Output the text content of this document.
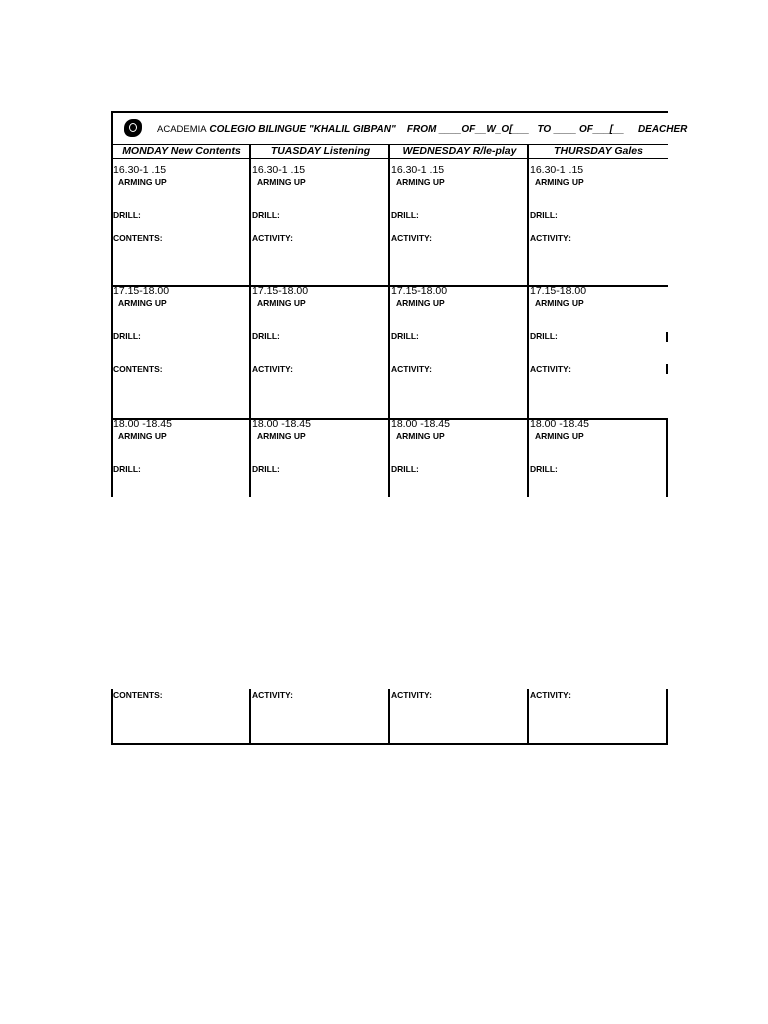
ACADEMIA COLEGIO BILINGUE "KHALIL GIBPAN" FROM ____OF__W_O[___ TO ____ OF___[__ DEACHER
MONDAY New Contents	TUASDAY Listening	WEDNESDAY R/le-play	THURSDAY Gales
16.30-1 .15	16.30-1 .15	16.30-1 .15	16.30-1 .15
ARMING UP	ARMING UP	ARMING UP	ARMING UP
DRILL:	DRILL:	DRILL:	DRILL:
CONTENTS:	ACTIVITY:	ACTIVITY:	ACTIVITY:
17.15-18.00	17.15-18.00	17.15-18.00	17.15-18.00
ARMING UP	ARMING UP	ARMING UP	ARMING UP
DRILL:	DRILL:	DRILL:	DRILL:
CONTENTS:	ACTIVITY:	ACTIVITY:	ACTIVITY:
18.00 -18.45	18.00 -18.45	18.00 -18.45	18.00 -18.45
ARMING UP	ARMING UP	ARMING UP	ARMING UP
DRILL:	DRILL:	DRILL:	DRILL:
CONTENTS:	ACTIVITY:	ACTIVITY:	ACTIVITY:
